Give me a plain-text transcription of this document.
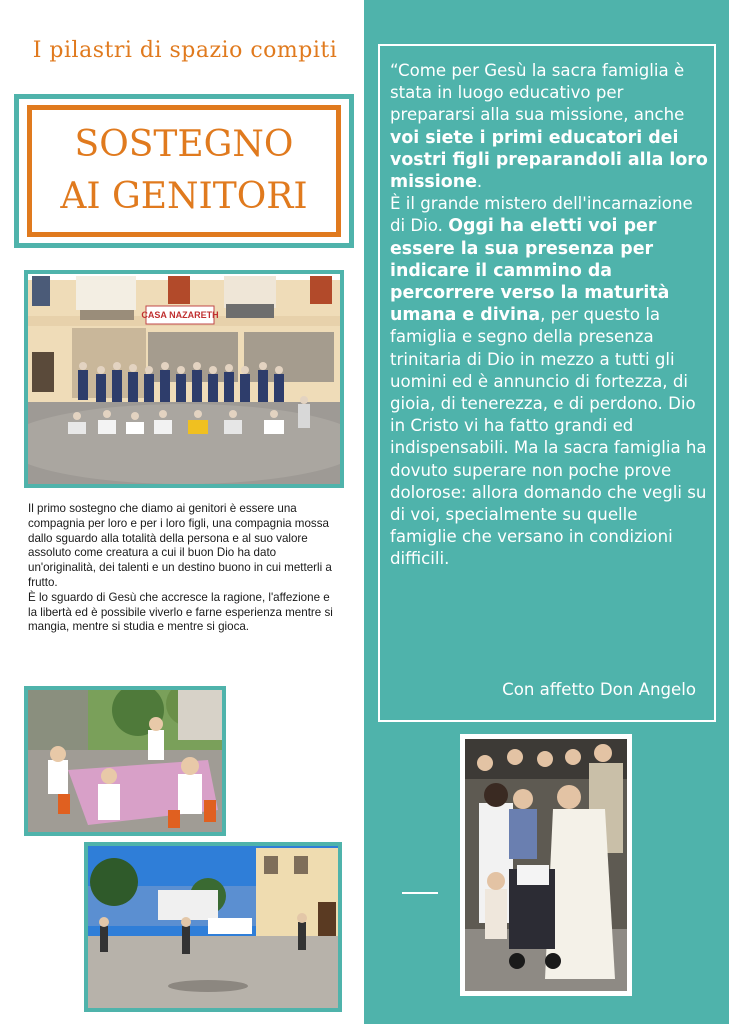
I pilastri di spazio compiti
SOSTEGNO
AI GENITORI
CASA NAZARETH

Il primo sostegno che diamo ai genitori è essere una compagnia per loro e per i loro figli, una compagnia mossa dallo sguardo alla totalità della persona e al suo valore assoluto come creatura a cui il buon Dio ha dato un'originalità, dei talenti e un destino buono in cui metterli a frutto.

È lo sguardo di Gesù che accresce la ragione, l'affezione e la libertà ed è possibile viverlo e farne esperienza mentre si mangia, mentre si studia e mentre si gioca.

“Come per Gesù la sacra famiglia è stata in luogo educativo per prepararsi alla sua missione, anche voi siete i primi educatori dei vostri figli preparandoli alla loro missione.
È il grande mistero dell'incarnazione di Dio. Oggi ha eletti voi per essere la sua presenza per indicare il cammino da percorrere verso la maturità umana e divina, per questo la famiglia e segno della presenza trinitaria di Dio in mezzo a tutti gli uomini ed è annuncio di fortezza, di gioia, di tenerezza, e di perdono. Dio in Cristo vi ha fatto grandi ed indispensabili. Ma la sacra famiglia ha dovuto superare non poche prove dolorose: allora domando che vegli su di voi, specialmente su quelle famiglie che versano in condizioni difficili.
Con affetto Don Angelo
